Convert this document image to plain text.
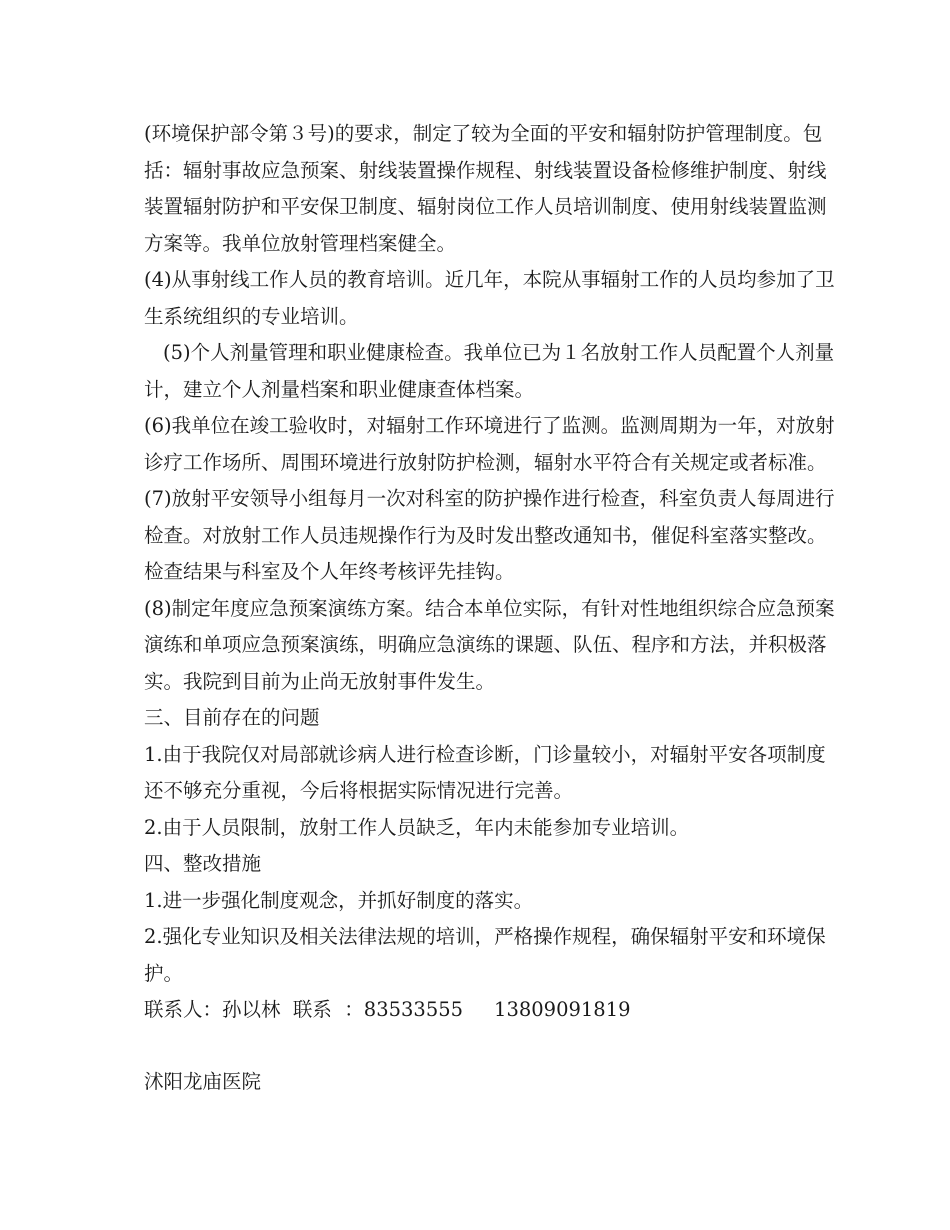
(环境保护部令第３号)的要求，制定了较为全面的平安和辐射防护管理制度。包
括：辐射事故应急预案、射线装置操作规程、射线装置设备检修维护制度、射线
装置辐射防护和平安保卫制度、辐射岗位工作人员培训制度、使用射线装置监测
方案等。我单位放射管理档案健全。
(4)从事射线工作人员的教育培训。近几年，本院从事辐射工作的人员均参加了卫
生系统组织的专业培训。
(5)个人剂量管理和职业健康检查。我单位已为１名放射工作人员配置个人剂量
计，建立个人剂量档案和职业健康查体档案。
(6)我单位在竣工验收时，对辐射工作环境进行了监测。监测周期为一年，对放射
诊疗工作场所、周围环境进行放射防护检测，辐射水平符合有关规定或者标准。
(7)放射平安领导小组每月一次对科室的防护操作进行检查，科室负责人每周进行
检查。对放射工作人员违规操作行为及时发出整改通知书，催促科室落实整改。
检查结果与科室及个人年终考核评先挂钩。
(8)制定年度应急预案演练方案。结合本单位实际，有针对性地组织综合应急预案
演练和单项应急预案演练，明确应急演练的课题、队伍、程序和方法，并积极落
实。我院到目前为止尚无放射事件发生。
三、目前存在的问题
1.由于我院仅对局部就诊病人进行检查诊断，门诊量较小，对辐射平安各项制度
还不够充分重视，今后将根据实际情况进行完善。
2.由于人员限制，放射工作人员缺乏，年内未能参加专业培训。
四、整改措施
1.进一步强化制度观念，并抓好制度的落实。
2.强化专业知识及相关法律法规的培训，严格操作规程，确保辐射平安和环境保
护。
联系人：孙以林  联系  ：83533555     13809091819
沭阳龙庙医院
